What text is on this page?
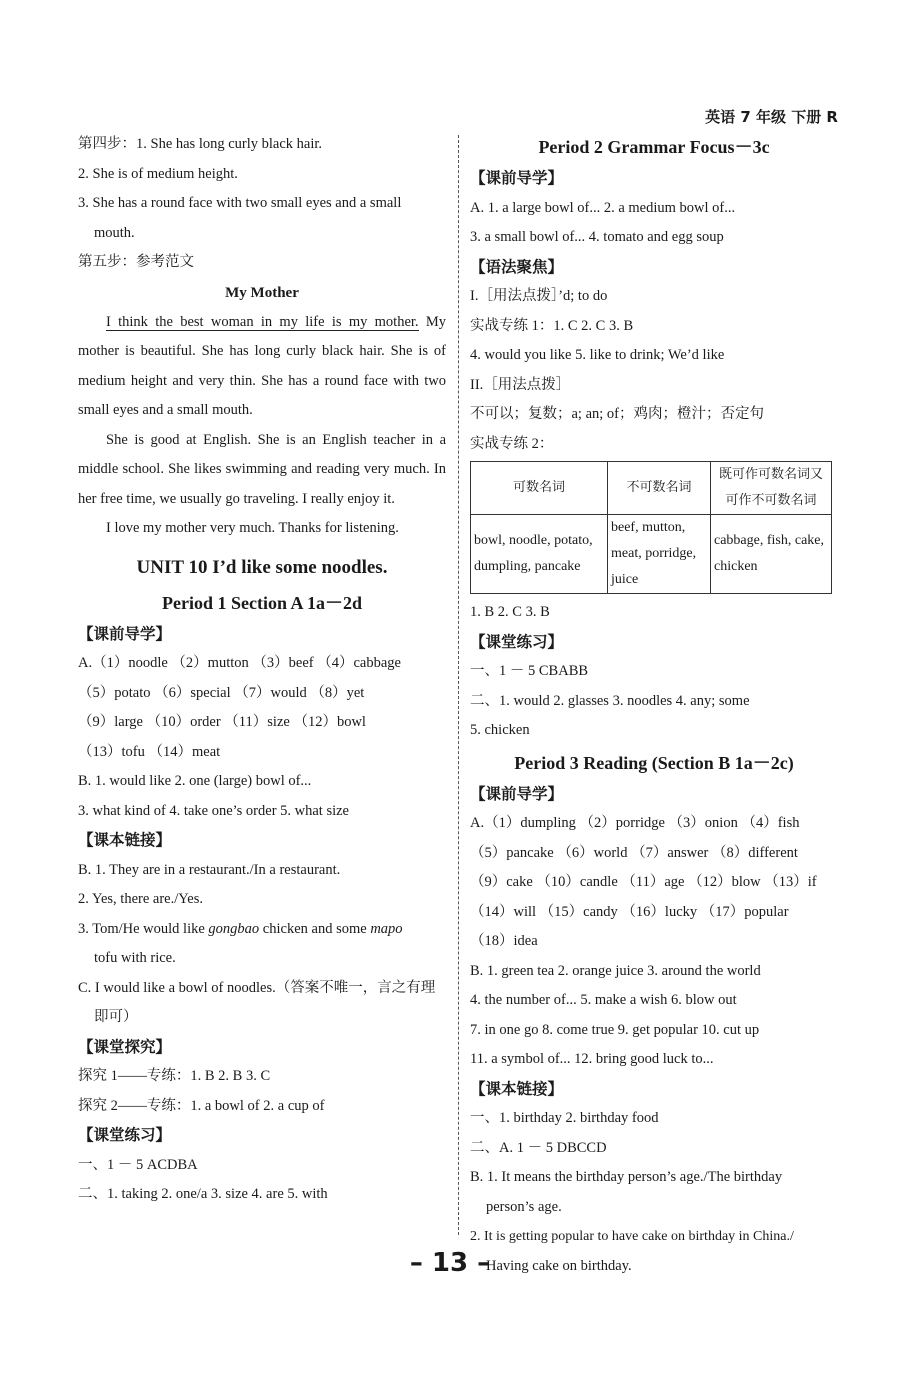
英语 7 年级 下册 R
第四步：1. She has long curly black hair.
2. She is of medium height.
3. She has a round face with two small eyes and a small
mouth.
第五步：参考范文
My Mother
I think the best woman in my life is my mother. My mother is beautiful. She has long curly black hair. She is of medium height and very thin. She has a round face with two small eyes and a small mouth.
She is good at English. She is an English teacher in a middle school. She likes swimming and reading very much. In her free time, we usually go traveling. I really enjoy it.
I love my mother very much. Thanks for listening.
UNIT 10 I’d like some noodles.
Period 1 Section A 1a－2d
【课前导学】
A.（1）noodle （2）mutton （3）beef （4）cabbage
（5）potato （6）special （7）would （8）yet
（9）large （10）order （11）size （12）bowl
（13）tofu （14）meat
B. 1. would like 2. one (large) bowl of...
3. what kind of 4. take one’s order 5. what size
【课本链接】
B. 1. They are in a restaurant./In a restaurant.
2. Yes, there are./Yes.
3. Tom/He would like gongbao chicken and some mapo
tofu with rice.
C. I would like a bowl of noodles.（答案不唯一，言之有理
即可）
【课堂探究】
探究 1——专练：1. B 2. B 3. C
探究 2——专练：1. a bowl of 2. a cup of
【课堂练习】
一、1 － 5 ACDBA
二、1. taking 2. one/a 3. size 4. are 5. with
Period 2 Grammar Focus－3c
【课前导学】
A. 1. a large bowl of... 2. a medium bowl of...
3. a small bowl of... 4. tomato and egg soup
【语法聚焦】
I.［用法点拨］’d; to do
实战专练 1：1. C 2. C 3. B
4. would you like 5. like to drink; We’d like
II.［用法点拨］
不可以；复数；a; an; of；鸡肉；橙汁；否定句
实战专练 2：
可数名词	不可数名词	既可作可数名词又可作不可数名词
bowl, noodle, potato, dumpling, pancake	beef, mutton, meat, porridge, juice	cabbage, fish, cake, chicken
1. B 2. C 3. B
【课堂练习】
一、1 － 5 CBABB
二、1. would 2. glasses 3. noodles 4. any; some
5. chicken
Period 3 Reading (Section B 1a－2c)
【课前导学】
A.（1）dumpling （2）porridge （3）onion （4）fish
（5）pancake （6）world （7）answer （8）different
（9）cake （10）candle （11）age （12）blow （13）if
（14）will （15）candy （16）lucky （17）popular
（18）idea
B. 1. green tea 2. orange juice 3. around the world
4. the number of... 5. make a wish 6. blow out
7. in one go 8. come true 9. get popular 10. cut up
11. a symbol of... 12. bring good luck to...
【课本链接】
一、1. birthday 2. birthday food
二、A. 1 － 5 DBCCD
B. 1. It means the birthday person’s age./The birthday
person’s age.
2. It is getting popular to have cake on birthday in China./
Having cake on birthday.
– 13 –
